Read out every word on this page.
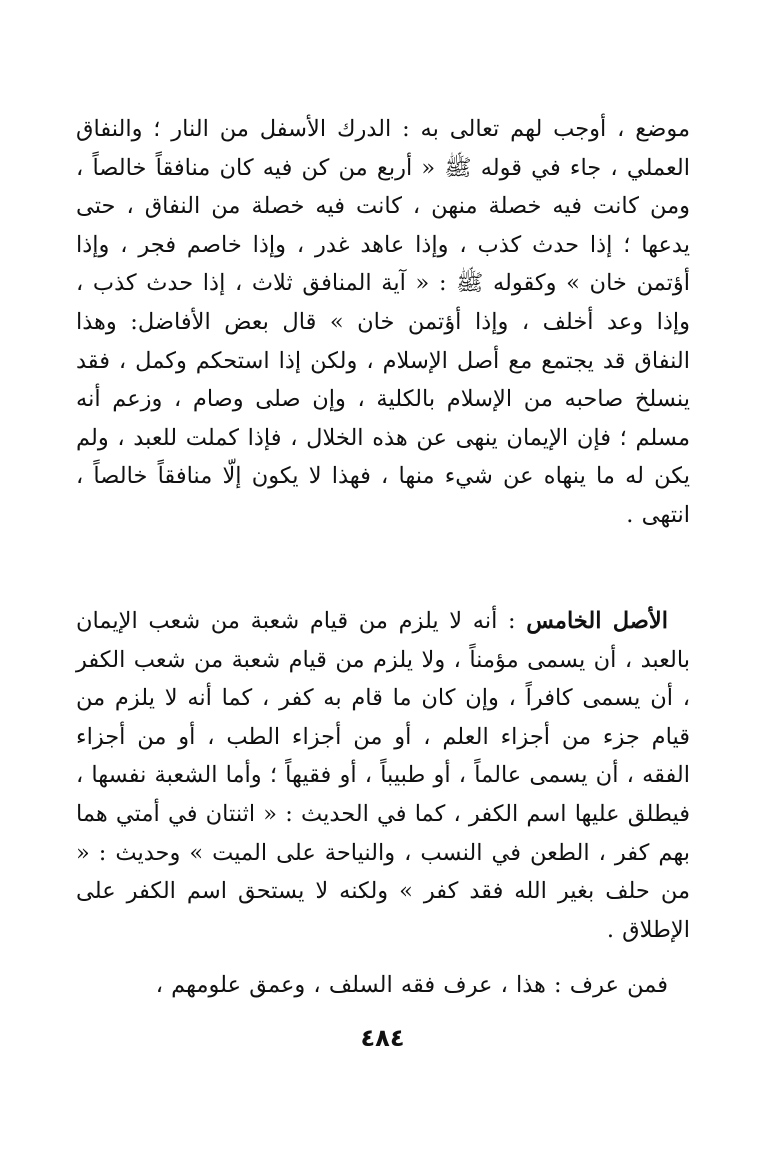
موضع ، أوجب لهم تعالى به : الدرك الأسفل من النار ؛ والنفاق العملي ، جاء في قوله ﷺ « أربع من كن فيه كان منافقاً خالصاً ، ومن كانت فيه خصلة منهن ، كانت فيه خصلة من النفاق ، حتى يدعها ؛ إذا حدث كذب ، وإذا عاهد غدر ، وإذا خاصم فجر ، وإذا أؤتمن خان » وكقوله ﷺ : « آية المنافق ثلاث ، إذا حدث كذب ، وإذا وعد أخلف ، وإذا أؤتمن خان » قال بعض الأفاضل: وهذا النفاق قد يجتمع مع أصل الإسلام ، ولكن إذا استحكم وكمل ، فقد ينسلخ صاحبه من الإسلام بالكلية ، وإن صلى وصام ، وزعم أنه مسلم ؛ فإن الإيمان ينهى عن هذه الخلال ، فإذا كملت للعبد ، ولم يكن له ما ينهاه عن شيء منها ، فهذا لا يكون إلّا منافقاً خالصاً ، انتهى .

الأصل الخامس : أنه لا يلزم من قيام شعبة من شعب الإيمان بالعبد ، أن يسمى مؤمناً ، ولا يلزم من قيام شعبة من شعب الكفر ، أن يسمى كافراً ، وإن كان ما قام به كفر ، كما أنه لا يلزم من قيام جزء من أجزاء العلم ، أو من أجزاء الطب ، أو من أجزاء الفقه ، أن يسمى عالماً ، أو طبيباً ، أو فقيهاً ؛ وأما الشعبة نفسها ، فيطلق عليها اسم الكفر ، كما في الحديث : « اثنتان في أمتي هما بهم كفر ، الطعن في النسب ، والنياحة على الميت » وحديث : « من حلف بغير الله فقد كفر » ولكنه لا يستحق اسم الكفر على الإطلاق .

فمن عرف : هذا ، عرف فقه السلف ، وعمق علومهم ،

٤٨٤
